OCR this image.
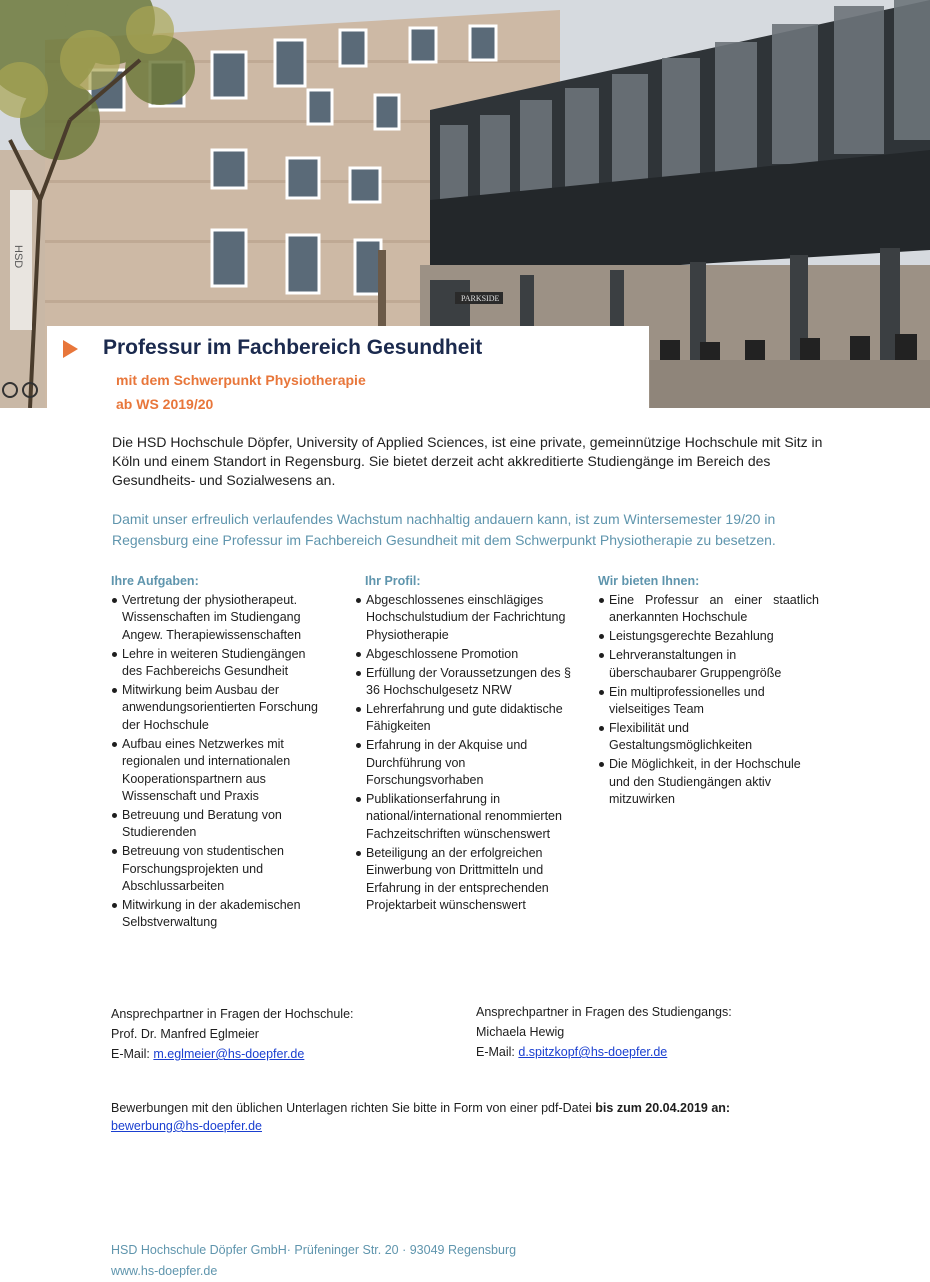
HSD
PARKSIDE
Professur im Fachbereich Gesundheit
mit dem Schwerpunkt Physiotherapie
ab WS 2019/20

Die HSD Hochschule Döpfer, University of Applied Sciences, ist eine private, gemeinnützige Hochschule mit Sitz in Köln und einem Standort in Regensburg. Sie bietet derzeit acht akkreditierte Studiengänge im Bereich des Gesundheits- und Sozialwesens an.

Damit unser erfreulich verlaufendes Wachstum nachhaltig andauern kann, ist zum Wintersemester 19/20 in Regensburg eine Professur im Fachbereich Gesundheit mit dem Schwerpunkt Physiotherapie zu besetzen.

Ihre Aufgaben:
Vertretung der physiotherapeut. Wissenschaften im Studiengang Angew. Therapiewissenschaften
Lehre in weiteren Studiengängen des Fachbereichs Gesundheit
Mitwirkung beim Ausbau der anwendungsorientierten Forschung der Hochschule
Aufbau eines Netzwerkes mit regionalen und internationalen Kooperationspartnern aus Wissenschaft und Praxis
Betreuung und Beratung von Studierenden
Betreuung von studentischen Forschungsprojekten und Abschlussarbeiten
Mitwirkung in der akademischen Selbstverwaltung
Ihr Profil:
Abgeschlossenes einschlägiges Hochschulstudium der Fachrichtung Physiotherapie
Abgeschlossene Promotion
Erfüllung der Voraussetzungen des § 36 Hochschulgesetz NRW
Lehrerfahrung und gute didaktische Fähigkeiten
Erfahrung in der Akquise und Durchführung von Forschungsvorhaben
Publikationserfahrung in national/international renommierten Fachzeitschriften wünschenswert
Beteiligung an der erfolgreichen Einwerbung von Drittmitteln und Erfahrung in der entsprechenden Projektarbeit wünschenswert
Wir bieten Ihnen:
Eine Professur an einer staatlich anerkannten Hochschule
Leistungsgerechte Bezahlung
Lehrveranstaltungen in überschaubarer Gruppengröße
Ein multiprofessionelles und vielseitiges Team
Flexibilität und Gestaltungsmöglichkeiten
Die Möglichkeit, in der Hochschule und den Studiengängen aktiv mitzuwirken
Ansprechpartner in Fragen der Hochschule:
Prof. Dr. Manfred Eglmeier
E-Mail: m.eglmeier@hs-doepfer.de
Ansprechpartner in Fragen des Studiengangs:
Michaela Hewig
E-Mail: d.spitzkopf@hs-doepfer.de
Bewerbungen mit den üblichen Unterlagen richten Sie bitte in Form von einer pdf-Datei bis zum 20.04.2019 an:
bewerbung@hs-doepfer.de
HSD Hochschule Döpfer GmbH· Prüfeninger Str. 20 · 93049 Regensburg
www.hs-doepfer.de
